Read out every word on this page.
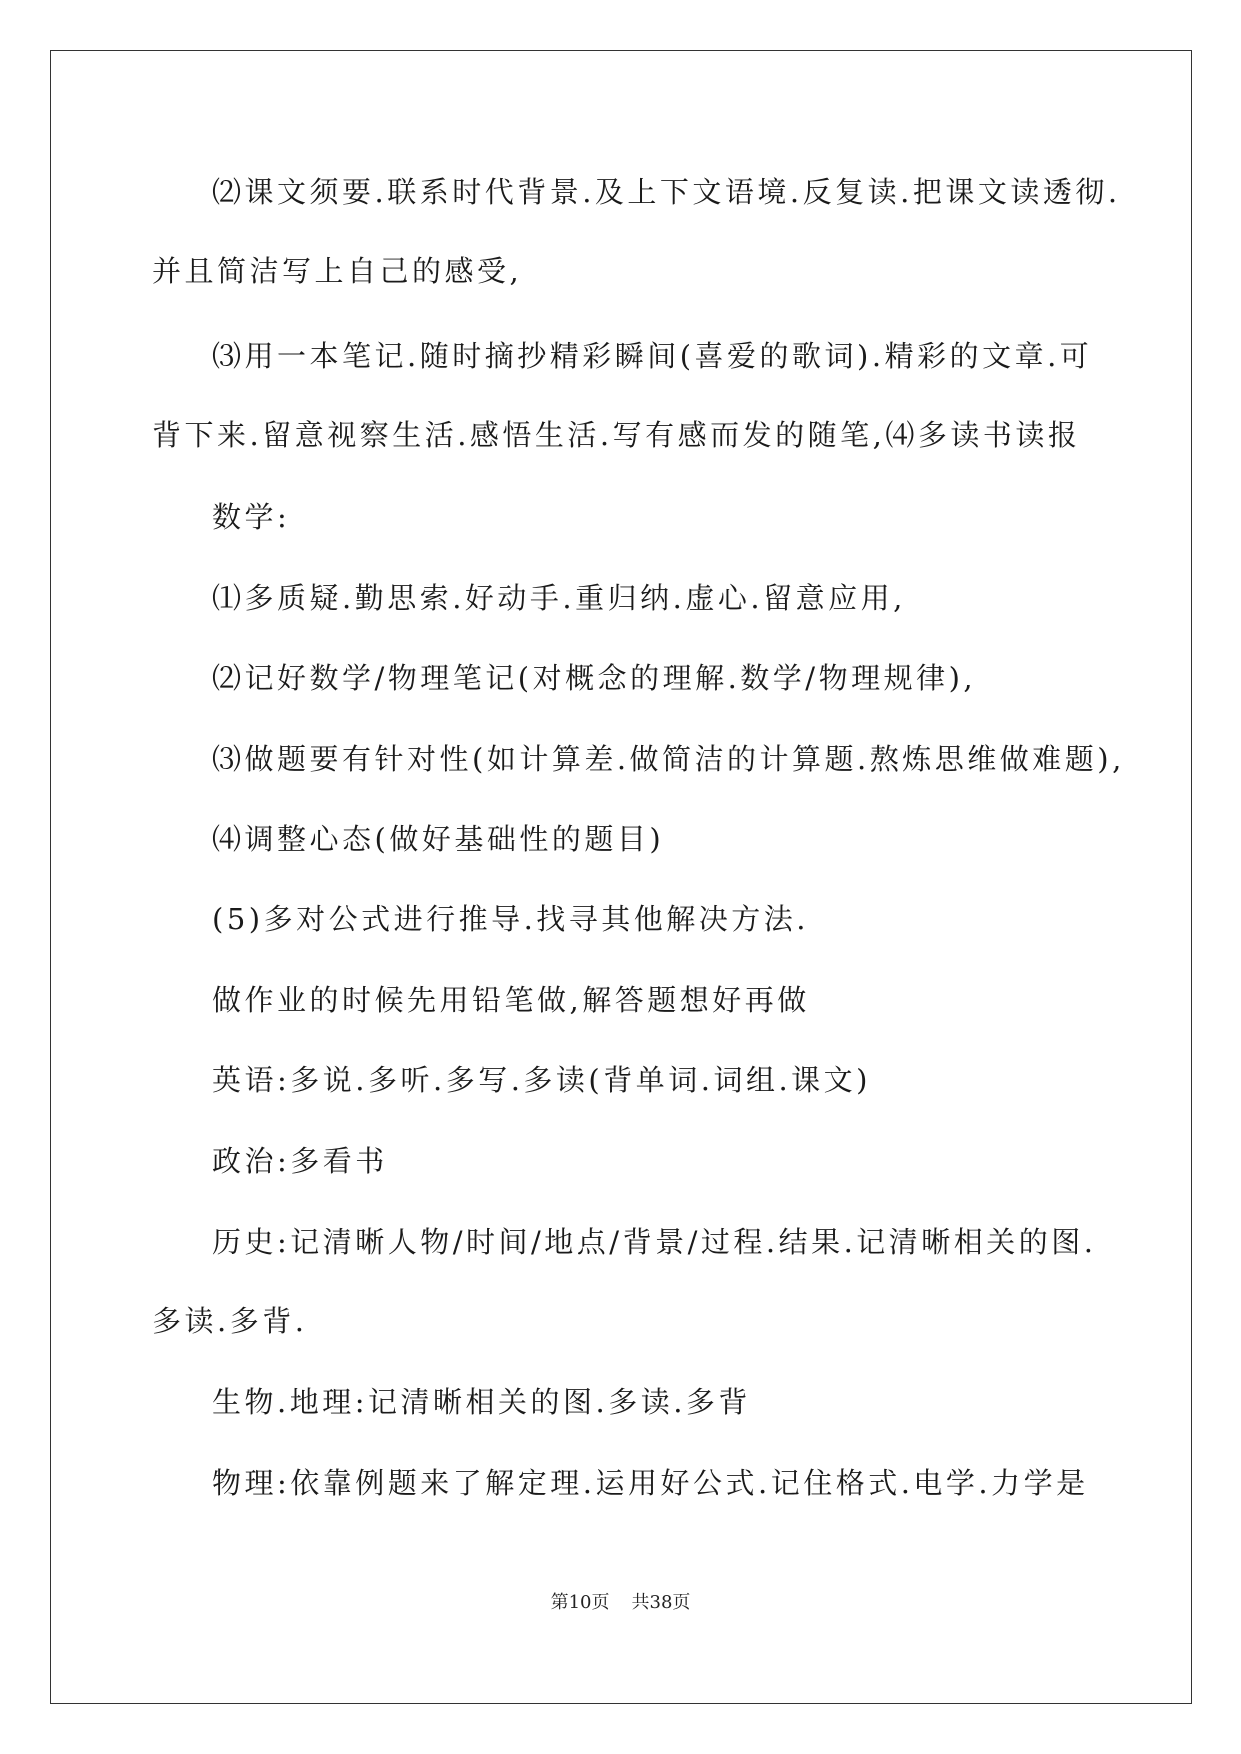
⑵课文须要.联系时代背景.及上下文语境.反复读.把课文读透彻.
并且简洁写上自己的感受,
⑶用一本笔记.随时摘抄精彩瞬间(喜爱的歌词).精彩的文章.可
背下来.留意视察生活.感悟生活.写有感而发的随笔,⑷多读书读报
数学:
⑴多质疑.勤思索.好动手.重归纳.虚心.留意应用,
⑵记好数学/物理笔记(对概念的理解.数学/物理规律),
⑶做题要有针对性(如计算差.做简洁的计算题.熬炼思维做难题),
⑷调整心态(做好基础性的题目)
(5)多对公式进行推导.找寻其他解决方法.
做作业的时候先用铅笔做,解答题想好再做
英语:多说.多听.多写.多读(背单词.词组.课文)
政治:多看书
历史:记清晰人物/时间/地点/背景/过程.结果.记清晰相关的图.
多读.多背.
生物.地理:记清晰相关的图.多读.多背
物理:依靠例题来了解定理.运用好公式.记住格式.电学.力学是
第10页 共38页
